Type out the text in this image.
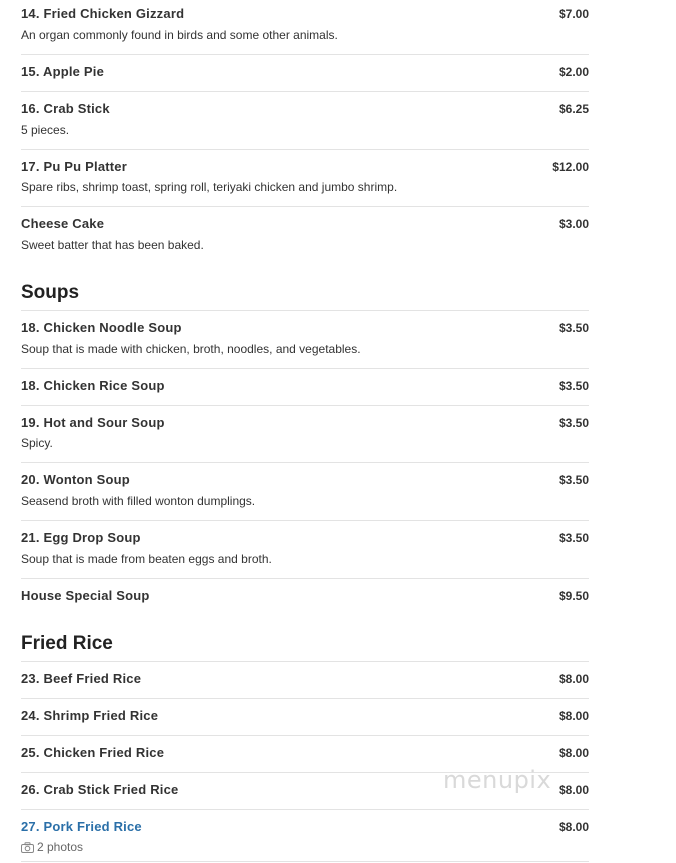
14. Fried Chicken Gizzard	$7.00
An organ commonly found in birds and some other animals.
15. Apple Pie	$2.00
16. Crab Stick	$6.25
5 pieces.
17. Pu Pu Platter	$12.00
Spare ribs, shrimp toast, spring roll, teriyaki chicken and jumbo shrimp.
Cheese Cake	$3.00
Sweet batter that has been baked.
Soups
18. Chicken Noodle Soup	$3.50
Soup that is made with chicken, broth, noodles, and vegetables.
18. Chicken Rice Soup	$3.50
19. Hot and Sour Soup	$3.50
Spicy.
20. Wonton Soup	$3.50
Seasend broth with filled wonton dumplings.
21. Egg Drop Soup	$3.50
Soup that is made from beaten eggs and broth.
House Special Soup	$9.50
Fried Rice
23. Beef Fried Rice	$8.00
24. Shrimp Fried Rice	$8.00
25. Chicken Fried Rice	$8.00
26. Crab Stick Fried Rice	$8.00
27. Pork Fried Rice	$8.00
2 photos
menupix
